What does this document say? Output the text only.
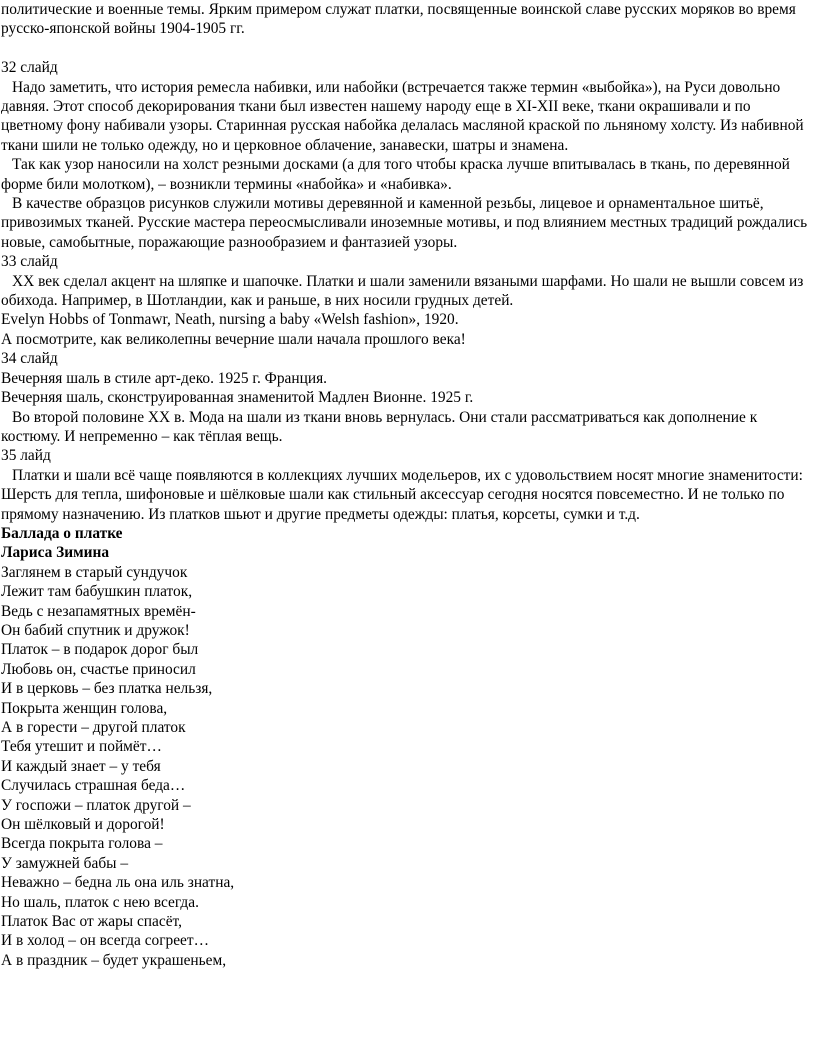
политические и военные темы. Ярким примером служат платки, посвященные воинской славе русских моряков во время русско-японской войны 1904-1905 гг.

32 слайд

Надо заметить, что история ремесла набивки, или набойки (встречается также термин «выбойка»), на Руси довольно давняя. Этот способ декорирования ткани был известен нашему народу еще в XI-XII веке, ткани окрашивали и по цветному фону набивали узоры. Старинная русская набойка делалась масляной краской по льняному холсту. Из набивной ткани шили не только одежду, но и церковное облачение, занавески, шатры и знамена.

Так как узор наносили на холст резными досками (а для того чтобы краска лучше впитывалась в ткань, по деревянной форме били молотком), – возникли термины «набойка» и «набивка».

В качестве образцов рисунков служили мотивы деревянной и каменной резьбы, лицевое и орнаментальное шитьё, привозимых тканей. Русские мастера переосмысливали иноземные мотивы, и под влиянием местных традиций рождались новые, самобытные, поражающие разнообразием и фантазией узоры.

33 слайд

XX век сделал акцент на шляпке и шапочке. Платки и шали заменили вязаными шарфами. Но шали не вышли совсем из обихода. Например, в Шотландии, как и раньше, в них носили грудных детей.

Evelyn Hobbs of Tonmawr, Neath, nursing a baby «Welsh fashion», 1920.

А посмотрите, как великолепны вечерние шали начала прошлого века!

34 слайд

Вечерняя шаль в стиле арт-деко. 1925 г. Франция.

Вечерняя шаль, сконструированная знаменитой Мадлен Вионне. 1925 г.

Во второй половине XX в. Мода на шали из ткани вновь вернулась. Они стали рассматриваться как дополнение к костюму. И непременно – как тёплая вещь.

35 лайд

Платки и шали всё чаще появляются в коллекциях лучших модельеров, их с удовольствием носят многие знаменитости:

Шерсть для тепла, шифоновые и шёлковые шали как стильный аксессуар сегодня носятся повсеместно. И не только по прямому назначению. Из платков шьют и другие предметы одежды: платья, корсеты, сумки и т.д.

Баллада о платке

Лариса Зимина

Заглянем в старый сундучок

Лежит там бабушкин платок,

Ведь с незапамятных времён-

Он бабий спутник и дружок!

Платок – в подарок дорог был

Любовь он, счастье приносил

И в церковь – без платка нельзя,

Покрыта женщин голова,

А в горести – другой платок

Тебя утешит и поймёт…

И каждый знает – у тебя

Случилась страшная беда…

У госпожи – платок другой –

Он шёлковый и дорогой!

Всегда покрыта голова –

У замужней бабы –

Неважно – бедна ль она иль знатна,

Но шаль, платок с нею всегда.

Платок Вас от жары спасёт,

И в холод – он всегда согреет…

А в праздник – будет украшеньем,
